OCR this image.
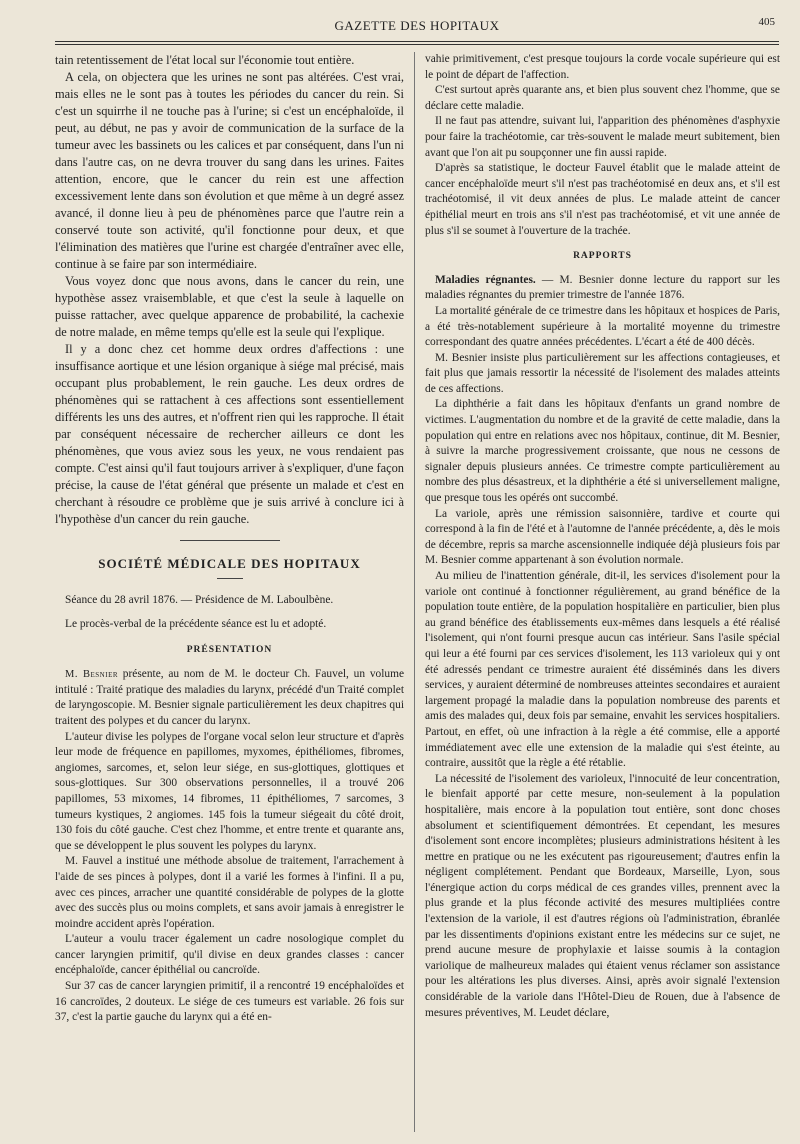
GAZETTE DES HOPITAUX	405

tain retentissement de l'état local sur l'économie tout entière.

A cela, on objectera que les urines ne sont pas altérées. C'est vrai, mais elles ne le sont pas à toutes les périodes du cancer du rein. Si c'est un squirrhe il ne touche pas à l'urine; si c'est un encéphaloïde, il peut, au début, ne pas y avoir de communication de la surface de la tumeur avec les bassinets ou les calices et par conséquent, dans l'un ni dans l'autre cas, on ne devra trouver du sang dans les urines. Faites attention, encore, que le cancer du rein est une affection excessivement lente dans son évolution et que même à un degré assez avancé, il donne lieu à peu de phénomènes parce que l'autre rein a conservé toute son activité, qu'il fonctionne pour deux, et que l'élimination des matières que l'urine est chargée d'entraîner avec elle, continue à se faire par son intermédiaire.

Vous voyez donc que nous avons, dans le cancer du rein, une hypothèse assez vraisemblable, et que c'est la seule à laquelle on puisse rattacher, avec quelque apparence de probabilité, la cachexie de notre malade, en même temps qu'elle est la seule qui l'explique.

Il y a donc chez cet homme deux ordres d'affections : une insuffisance aortique et une lésion organique à siége mal précisé, mais occupant plus probablement, le rein gauche. Les deux ordres de phénomènes qui se rattachent à ces affections sont essentiellement différents les uns des autres, et n'offrent rien qui les rapproche. Il était par conséquent nécessaire de rechercher ailleurs ce dont les phénomènes, que vous aviez sous les yeux, ne vous rendaient pas compte. C'est ainsi qu'il faut toujours arriver à s'expliquer, d'une façon précise, la cause de l'état général que présente un malade et c'est en cherchant à résoudre ce problème que je suis arrivé à conclure ici à l'hypothèse d'un cancer du rein gauche.

SOCIÉTÉ MÉDICALE DES HOPITAUX

Séance du 28 avril 1876. — Présidence de M. Laboulbène.

Le procès-verbal de la précédente séance est lu et adopté.

PRÉSENTATION

M. Besnier présente, au nom de M. le docteur Ch. Fauvel, un volume intitulé : Traité pratique des maladies du larynx, précédé d'un Traité complet de laryngoscopie. M. Besnier signale particulièrement les deux chapitres qui traitent des polypes et du cancer du larynx.

L'auteur divise les polypes de l'organe vocal selon leur structure et d'après leur mode de fréquence en papillomes, myxomes, épithéliomes, fibromes, angiomes, sarcomes, et, selon leur siége, en sus-glottiques, glottiques et sous-glottiques. Sur 300 observations personnelles, il a trouvé 206 papillomes, 53 mixomes, 14 fibromes, 11 épithéliomes, 7 sarcomes, 3 tumeurs kystiques, 2 angiomes. 145 fois la tumeur siégeait du côté droit, 130 fois du côté gauche. C'est chez l'homme, et entre trente et quarante ans, que se développent le plus souvent les polypes du larynx.

M. Fauvel a institué une méthode absolue de traitement, l'arrachement à l'aide de ses pinces à polypes, dont il a varié les formes à l'infini. Il a pu, avec ces pinces, arracher une quantité considérable de polypes de la glotte avec des succès plus ou moins complets, et sans avoir jamais à enregistrer le moindre accident après l'opération.

L'auteur a voulu tracer également un cadre nosologique complet du cancer laryngien primitif, qu'il divise en deux grandes classes : cancer encéphaloïde, cancer épithélial ou cancroïde.

Sur 37 cas de cancer laryngien primitif, il a rencontré 19 encéphaloïdes et 16 cancroïdes, 2 douteux. Le siége de ces tumeurs est variable. 26 fois sur 37, c'est la partie gauche du larynx qui a été en-

vahie primitivement, c'est presque toujours la corde vocale supérieure qui est le point de départ de l'affection.

C'est surtout après quarante ans, et bien plus souvent chez l'homme, que se déclare cette maladie.

Il ne faut pas attendre, suivant lui, l'apparition des phénomènes d'asphyxie pour faire la trachéotomie, car très-souvent le malade meurt subitement, bien avant que l'on ait pu soupçonner une fin aussi rapide.

D'après sa statistique, le docteur Fauvel établit que le malade atteint de cancer encéphaloïde meurt s'il n'est pas trachéotomisé en deux ans, et s'il est trachéotomisé, il vit deux années de plus. Le malade atteint de cancer épithélial meurt en trois ans s'il n'est pas trachéotomisé, et vit une année de plus s'il se soumet à l'ouverture de la trachée.

RAPPORTS

Maladies régnantes. — M. Besnier donne lecture du rapport sur les maladies régnantes du premier trimestre de l'année 1876.

La mortalité générale de ce trimestre dans les hôpitaux et hospices de Paris, a été très-notablement supérieure à la mortalité moyenne du trimestre correspondant des quatre années précédentes. L'écart a été de 400 décès.

M. Besnier insiste plus particulièrement sur les affections contagieuses, et fait plus que jamais ressortir la nécessité de l'isolement des malades atteints de ces affections.

La diphthérie a fait dans les hôpitaux d'enfants un grand nombre de victimes. L'augmentation du nombre et de la gravité de cette maladie, dans la population qui entre en relations avec nos hôpitaux, continue, dit M. Besnier, à suivre la marche progressivement croissante, que nous ne cessons de signaler depuis plusieurs années. Ce trimestre compte particulièrement au nombre des plus désastreux, et la diphthérie a été si universellement maligne, que presque tous les opérés ont succombé.

La variole, après une rémission saisonnière, tardive et courte qui correspond à la fin de l'été et à l'automne de l'année précédente, a, dès le mois de décembre, repris sa marche ascensionnelle indiquée déjà plusieurs fois par M. Besnier comme appartenant à son évolution normale.

Au milieu de l'inattention générale, dit-il, les services d'isolement pour la variole ont continué à fonctionner régulièrement, au grand bénéfice de la population toute entière, de la population hospitalière en particulier, bien plus au grand bénéfice des établissements eux-mêmes dans lesquels a été réalisé l'isolement, qui n'ont fourni presque aucun cas intérieur. Sans l'asile spécial qui leur a été fourni par ces services d'isolement, les 113 varioleux qui y ont été adressés pendant ce trimestre auraient été disséminés dans les divers services, y auraient déterminé de nombreuses atteintes secondaires et auraient largement propagé la maladie dans la population nombreuse des parents et amis des malades qui, deux fois par semaine, envahit les services hospitaliers. Partout, en effet, où une infraction à la règle a été commise, elle a apporté immédiatement avec elle une extension de la maladie qui s'est éteinte, au contraire, aussitôt que la règle a été rétablie.

La nécessité de l'isolement des varioleux, l'innocuité de leur concentration, le bienfait apporté par cette mesure, non-seulement à la population hospitalière, mais encore à la population tout entière, sont donc choses absolument et scientifiquement démontrées. Et cependant, les mesures d'isolement sont encore incomplètes; plusieurs administrations hésitent à les mettre en pratique ou ne les exécutent pas rigoureusement; d'autres enfin la négligent complétement. Pendant que Bordeaux, Marseille, Lyon, sous l'énergique action du corps médical de ces grandes villes, prennent avec la plus grande et la plus féconde activité des mesures multipliées contre l'extension de la variole, il est d'autres régions où l'administration, ébranlée par les dissentiments d'opinions existant entre les médecins sur ce sujet, ne prend aucune mesure de prophylaxie et laisse soumis à la contagion variolique de malheureux malades qui étaient venus réclamer son assistance pour les altérations les plus diverses. Ainsi, après avoir signalé l'extension considérable de la variole dans l'Hôtel-Dieu de Rouen, due à l'absence de mesures préventives, M. Leudet déclare,
